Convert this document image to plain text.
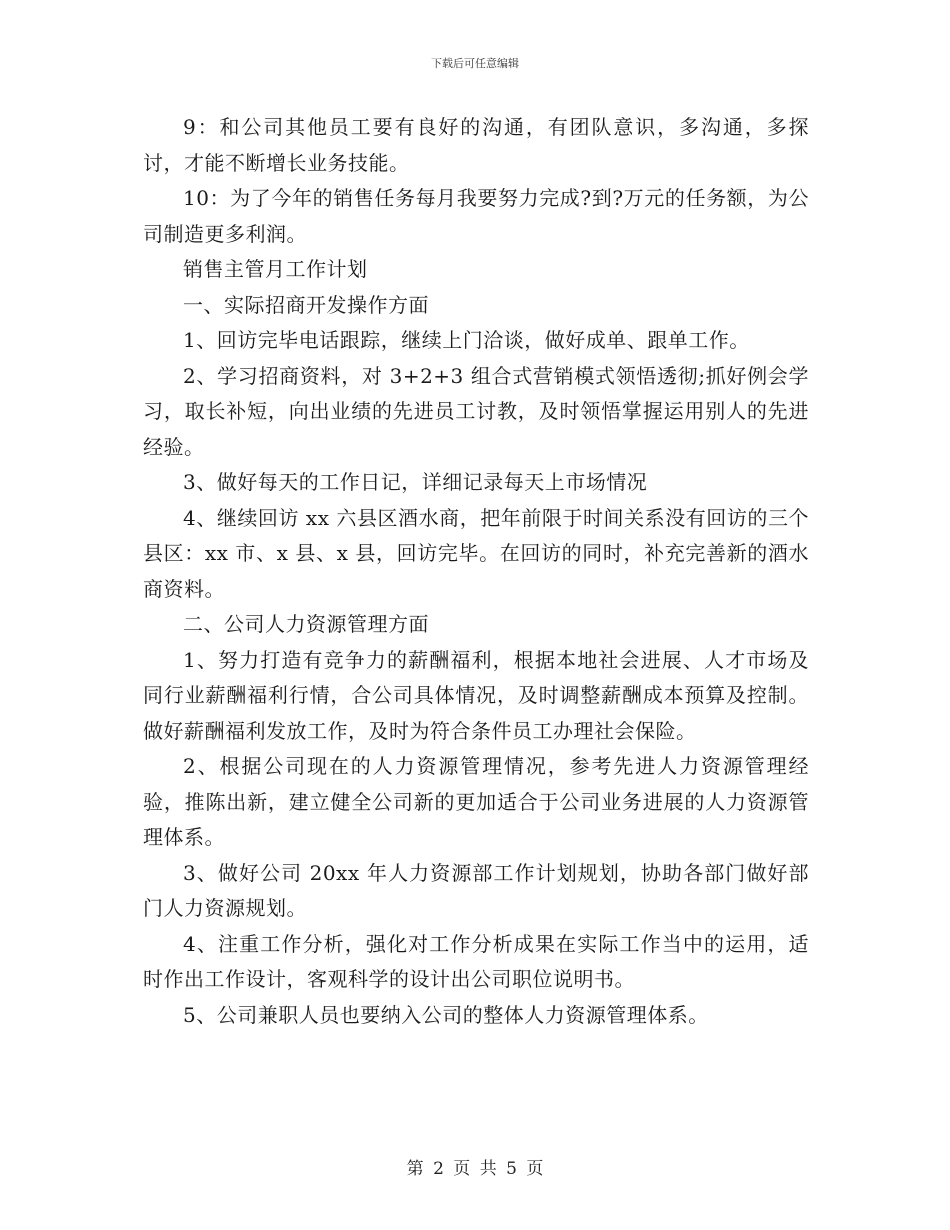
下载后可任意编辑

9：和公司其他员工要有良好的沟通，有团队意识，多沟通，多探讨，才能不断增长业务技能。

10：为了今年的销售任务每月我要努力完成?到?万元的任务额，为公司制造更多利润。

销售主管月工作计划

一、实际招商开发操作方面

1、回访完毕电话跟踪，继续上门洽谈，做好成单、跟单工作。

2、学习招商资料，对 3+2+3 组合式营销模式领悟透彻;抓好例会学习，取长补短，向出业绩的先进员工讨教，及时领悟掌握运用别人的先进经验。

3、做好每天的工作日记，详细记录每天上市场情况

4、继续回访 xx 六县区酒水商，把年前限于时间关系没有回访的三个县区：xx 市、x 县、x 县，回访完毕。在回访的同时，补充完善新的酒水商资料。

二、公司人力资源管理方面

1、努力打造有竞争力的薪酬福利，根据本地社会进展、人才市场及同行业薪酬福利行情，合公司具体情况，及时调整薪酬成本预算及控制。做好薪酬福利发放工作，及时为符合条件员工办理社会保险。

2、根据公司现在的人力资源管理情况，参考先进人力资源管理经验，推陈出新，建立健全公司新的更加适合于公司业务进展的人力资源管理体系。

3、做好公司 20xx 年人力资源部工作计划规划，协助各部门做好部门人力资源规划。

4、注重工作分析，强化对工作分析成果在实际工作当中的运用，适时作出工作设计，客观科学的设计出公司职位说明书。

5、公司兼职人员也要纳入公司的整体人力资源管理体系。

第 2 页 共 5 页
